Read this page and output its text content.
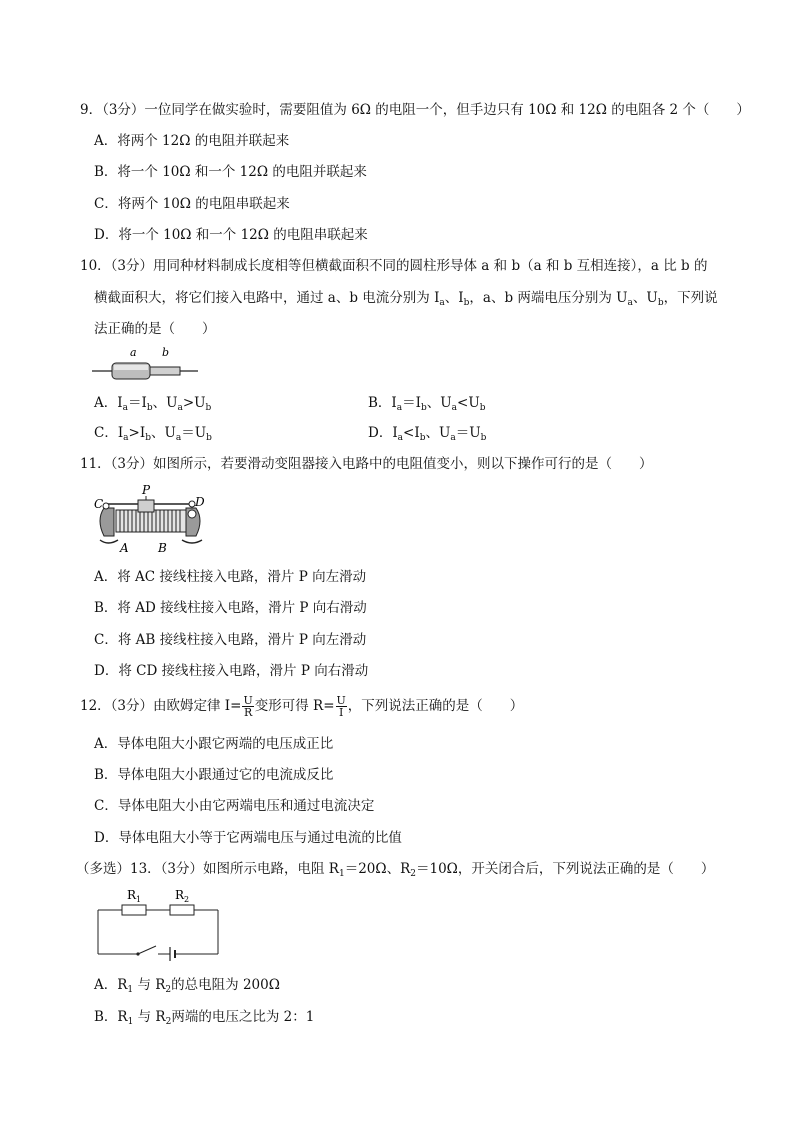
9．（3分）一位同学在做实验时，需要阻值为 6Ω 的电阻一个，但手边只有 10Ω 和 12Ω 的电阻各 2 个（　　）
A．将两个 12Ω 的电阻并联起来
B．将一个 10Ω 和一个 12Ω 的电阻并联起来
C．将两个 10Ω 的电阻串联起来
D．将一个 10Ω 和一个 12Ω 的电阻串联起来
10．（3分）用同种材料制成长度相等但横截面积不同的圆柱形导体 a 和 b（a 和 b 互相连接），a 比 b 的
横截面积大，将它们接入电路中，通过 a、b 电流分别为 $I_a$、$I_b$，a、b 两端电压分别为 $U_a$、$U_b$，下列说
法正确的是（　　）
a b
A．$I_a=I_b$、$U_a>U_b$	B．$I_a=I_b$、$U_a<U_b$
C．$I_a>I_b$、$U_a=U_b$	D．$I_a<I_b$、$U_a=U_b$
11．（3分）如图所示，若要滑动变阻器接入电路中的电阻值变小，则以下操作可行的是（　　）
C
P
D
A B
A．将 AC 接线柱接入电路，滑片 P 向左滑动
B．将 AD 接线柱接入电路，滑片 P 向右滑动
C．将 AB 接线柱接入电路，滑片 P 向左滑动
D．将 CD 接线柱接入电路，滑片 P 向右滑动
12．（3分）由欧姆定律 $I= \frac{U}{R}$ 变形可得 $R= \frac{U}{I}$ ，下列说法正确的是（　　）
A．导体电阻大小跟它两端的电压成正比
B．导体电阻大小跟通过它的电流成反比
C．导体电阻大小由它两端电压和通过电流决定
D．导体电阻大小等于它两端电压与通过电流的比值
（多选）13．（3分）如图所示电路，电阻 $R_1=20\Omega$、$R_2=10\Omega$，开关闭合后，下列说法正确的是（　　）
$R_1$	$R_2$
A．$R_1$ 与 $R_2$的总电阻为 200Ω
B．$R_1$ 与 $R_2$两端的电压之比为 2：1
